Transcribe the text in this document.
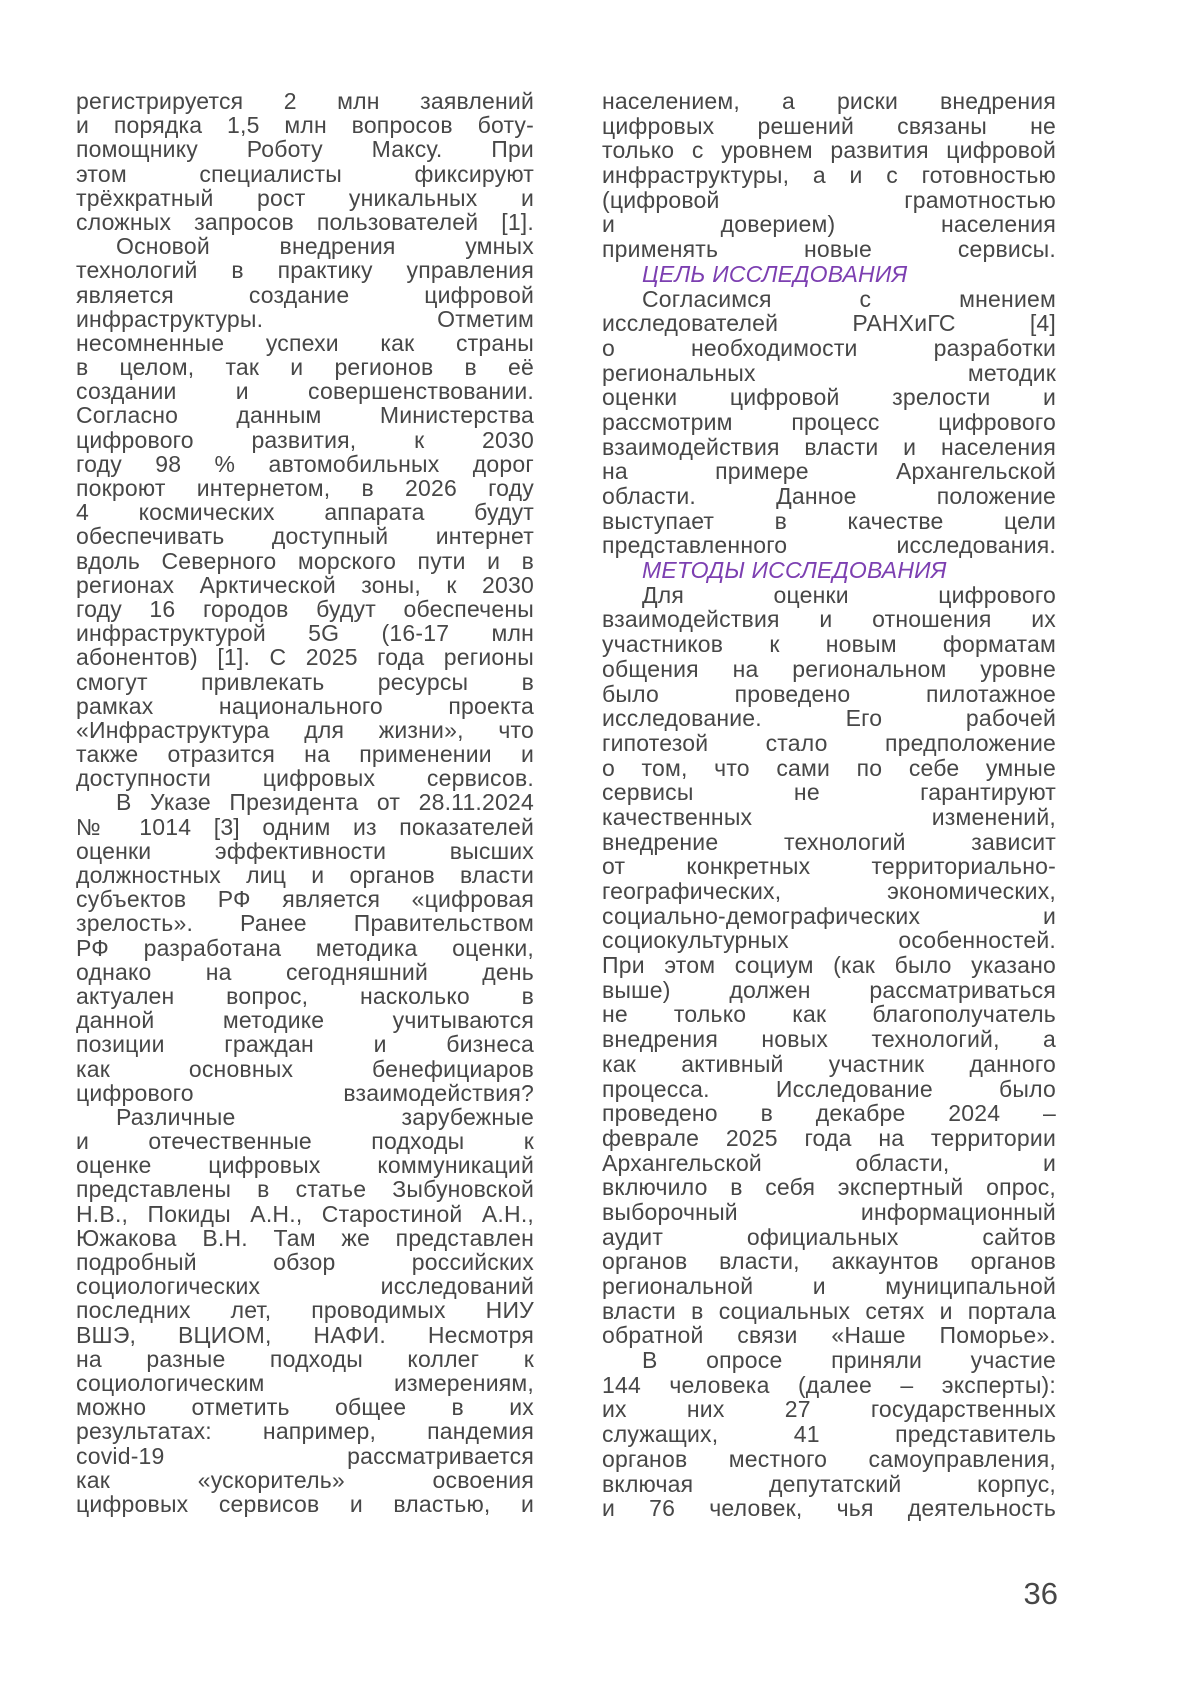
регистрируется 2 млн заявлений
и порядка 1,5 млн вопросов боту-
помощнику Роботу Максу. При
этом специалисты фиксируют
трёхкратный рост уникальных и
сложных запросов пользователей [1].
Основой внедрения умных
технологий в практику управления
является создание цифровой
инфраструктуры. Отметим
несомненные успехи как страны
в целом, так и регионов в её
создании и совершенствовании.
Согласно данным Министерства
цифрового развития, к 2030
году 98 % автомобильных дорог
покроют интернетом, в 2026 году
4 космических аппарата будут
обеспечивать доступный интернет
вдоль Северного морского пути и в
регионах Арктической зоны, к 2030
году 16 городов будут обеспечены
инфраструктурой 5G (16-17 млн
абонентов) [1]. С 2025 года регионы
смогут привлекать ресурсы в
рамках национального проекта
«Инфраструктура для жизни», что
также отразится на применении и
доступности цифровых сервисов.
В Указе Президента от 28.11.2024
№ 1014 [3] одним из показателей
оценки эффективности высших
должностных лиц и органов власти
субъектов РФ является «цифровая
зрелость». Ранее Правительством
РФ разработана методика оценки,
однако на сегодняшний день
актуален вопрос, насколько в
данной методике учитываются
позиции граждан и бизнеса
как основных бенефициаров
цифрового взаимодействия?
Различные зарубежные
и отечественные подходы к
оценке цифровых коммуникаций
представлены в статье Зыбуновской
Н.В., Покиды А.Н., Старостиной А.Н.,
Южакова В.Н. Там же представлен
подробный обзор российских
социологических исследований
последних лет, проводимых НИУ
ВШЭ, ВЦИОМ, НАФИ. Несмотря
на разные подходы коллег к
социологическим измерениям,
можно отметить общее в их
результатах: например, пандемия
covid-19 рассматривается
как «ускоритель» освоения
цифровых сервисов и властью, и
населением, а риски внедрения
цифровых решений связаны не
только с уровнем развития цифровой
инфраструктуры, а и с готовностью
(цифровой грамотностью
и доверием) населения
применять новые сервисы.
ЦЕЛЬ ИССЛЕДОВАНИЯ
Согласимся с мнением
исследователей РАНХиГС [4]
о необходимости разработки
региональных методик
оценки цифровой зрелости и
рассмотрим процесс цифрового
взаимодействия власти и населения
на примере Архангельской
области. Данное положение
выступает в качестве цели
представленного исследования.
МЕТОДЫ ИССЛЕДОВАНИЯ
Для оценки цифрового
взаимодействия и отношения их
участников к новым форматам
общения на региональном уровне
было проведено пилотажное
исследование. Его рабочей
гипотезой стало предположение
о том, что сами по себе умные
сервисы не гарантируют
качественных изменений,
внедрение технологий зависит
от конкретных территориально-
географических, экономических,
социально-демографических и
социокультурных особенностей.
При этом социум (как было указано
выше) должен рассматриваться
не только как благополучатель
внедрения новых технологий, а
как активный участник данного
процесса. Исследование было
проведено в декабре 2024 –
феврале 2025 года на территории
Архангельской области, и
включило в себя экспертный опрос,
выборочный информационный
аудит официальных сайтов
органов власти, аккаунтов органов
региональной и муниципальной
власти в социальных сетях и портала
обратной связи «Наше Поморье».
В опросе приняли участие
144 человека (далее – эксперты):
их них 27 государственных
служащих, 41 представитель
органов местного самоуправления,
включая депутатский корпус,
и 76 человек, чья деятельность
36
